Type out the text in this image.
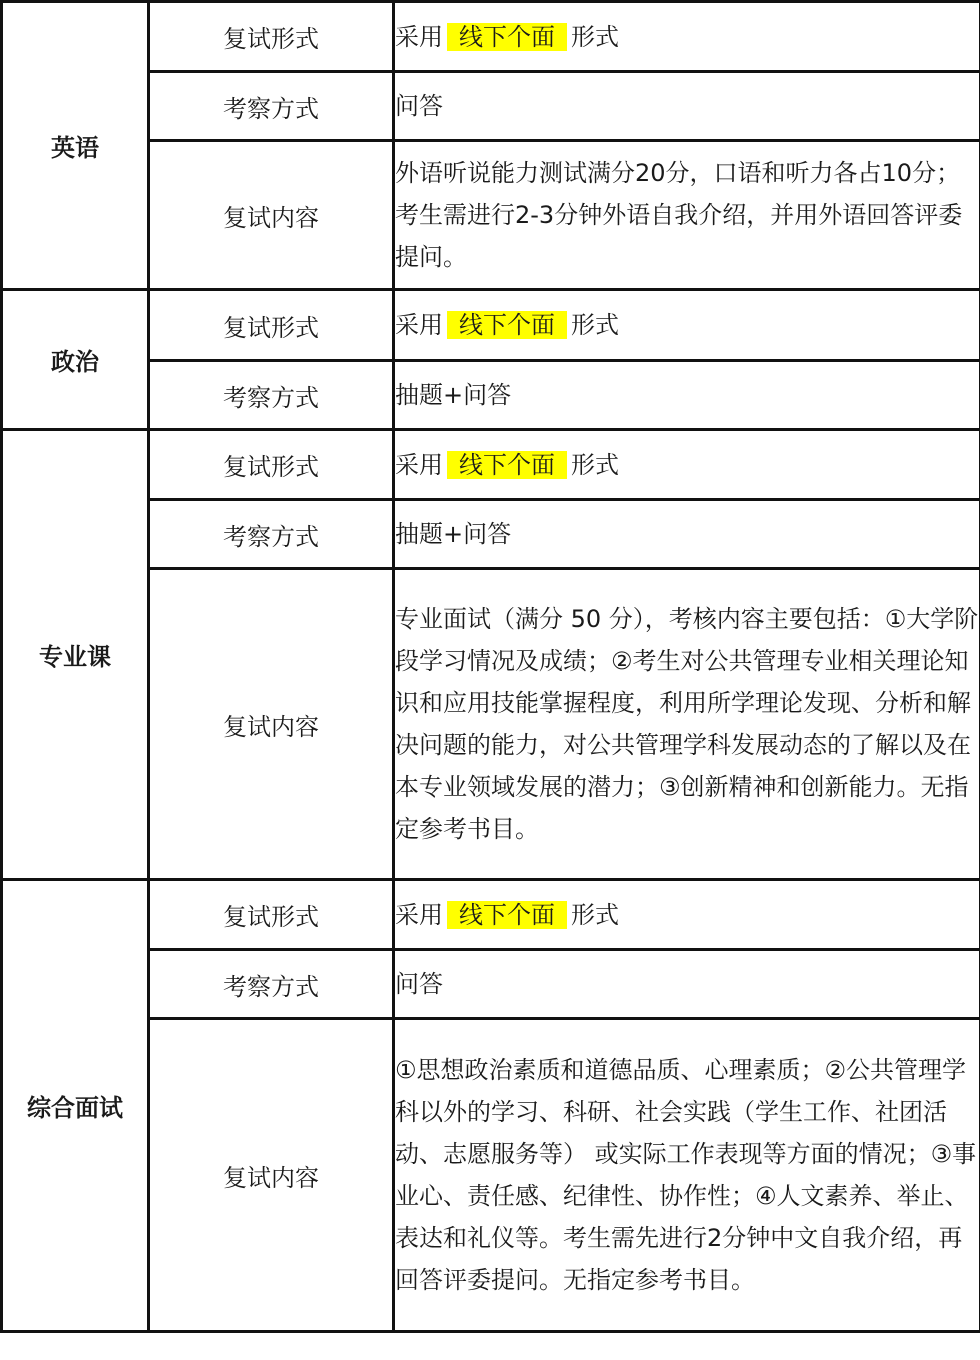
英语	复试形式	采用 线下个面 形式
	考察方式	问答
	复试内容	外语听说能力测试满分20分，口语和听力各占10分；考生需进行2-3分钟外语自我介绍，并用外语回答评委提问。
政治	复试形式	采用 线下个面 形式
	考察方式	抽题+问答
专业课	复试形式	采用 线下个面 形式
	考察方式	抽题+问答
	复试内容	专业面试（满分 50 分），考核内容主要包括：①大学阶段学习情况及成绩；②考生对公共管理专业相关理论知识和应用技能掌握程度，利用所学理论发现、分析和解决问题的能力，对公共管理学科发展动态的了解以及在本专业领域发展的潜力；③创新精神和创新能力。无指定参考书目。
综合面试	复试形式	采用 线下个面 形式
	考察方式	问答
	复试内容	①思想政治素质和道德品质、心理素质；②公共管理学科以外的学习、科研、社会实践（学生工作、社团活动、志愿服务等） 或实际工作表现等方面的情况；③事业心、责任感、纪律性、协作性；④人文素养、举止、表达和礼仪等。考生需先进行2分钟中文自我介绍，再回答评委提问。无指定参考书目。
